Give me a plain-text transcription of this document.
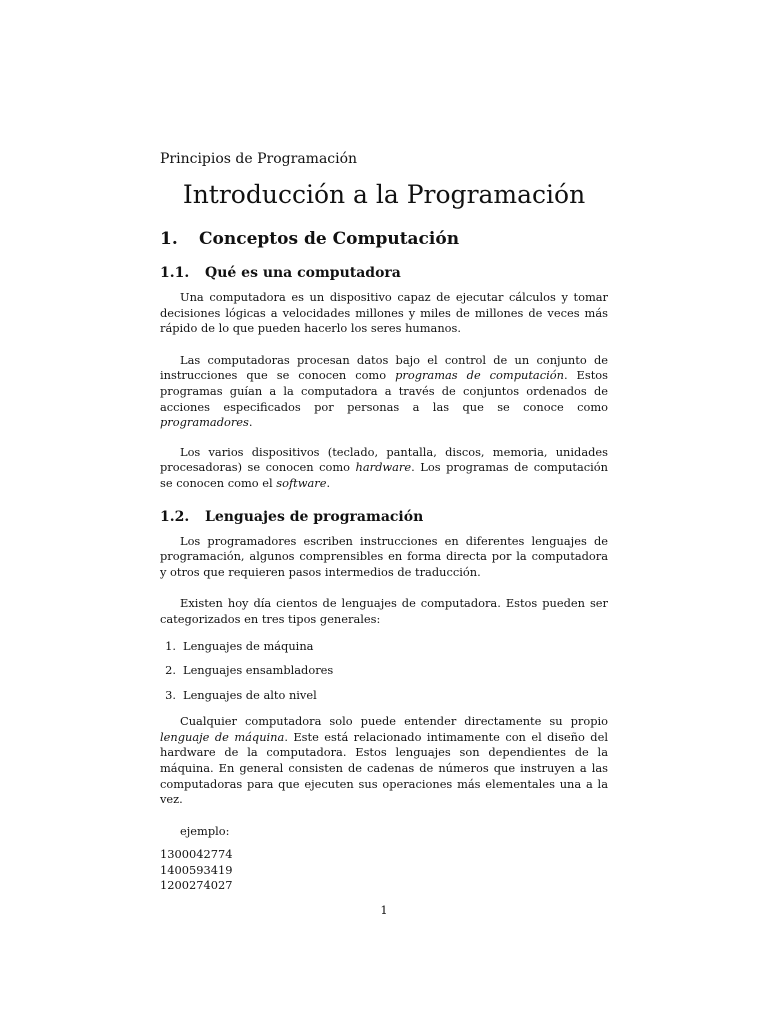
Principios de Programación

Introducción a la Programación
1.	Conceptos de Computación
1.1.	Qué es una computadora

Una computadora es un dispositivo capaz de ejecutar cálculos y tomar decisiones lógicas a velocidades millones y miles de millones de veces más rápido de lo que pueden hacerlo los seres humanos.

Las computadoras procesan datos bajo el control de un conjunto de instrucciones que se conocen como programas de computación. Estos programas guían a la computadora a través de conjuntos ordenados de acciones especificados por personas a las que se conoce como programadores.

Los varios dispositivos (teclado, pantalla, discos, memoria, unidades procesadoras) se conocen como hardware. Los programas de computación se conocen como el software.

1.2.	Lenguajes de programación

Los programadores escriben instrucciones en diferentes lenguajes de programación, algunos comprensibles en forma directa por la computadora y otros que requieren pasos intermedios de traducción.

Existen hoy día cientos de lenguajes de computadora. Estos pueden ser categorizados en tres tipos generales:

1. Lenguajes de máquina
2. Lenguajes ensambladores
3. Lenguajes de alto nivel

Cualquier computadora solo puede entender directamente su propio lenguaje de máquina. Este está relacionado intimamente con el diseño del hardware de la computadora. Estos lenguajes son dependientes de la máquina. En general consisten de cadenas de números que instruyen a las computadoras para que ejecuten sus operaciones más elementales una a la vez.

ejemplo:

1300042774
1400593419
1200274027
1
